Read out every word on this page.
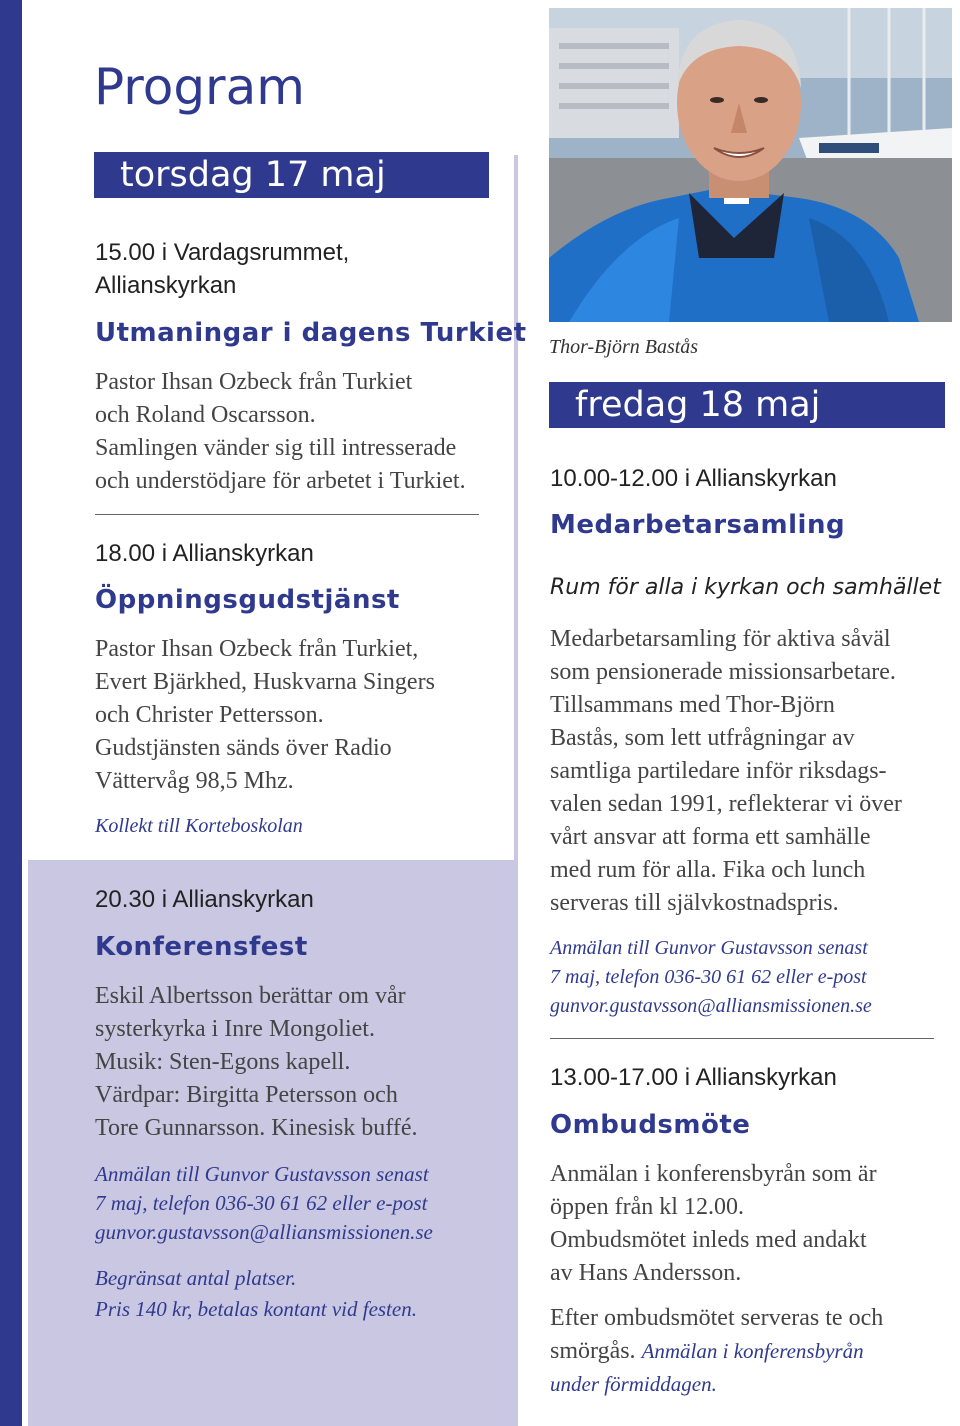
Program
torsdag 17 maj
15.00 i Vardagsrummet,
Allianskyrkan
Utmaningar i dagens Turkiet

Pastor Ihsan Ozbeck från Turkiet

och Roland Oscarsson.

Samlingen vänder sig till intresserade

och understödjare för arbetet i Turkiet.

18.00 i Allianskyrkan
Öppningsgudstjänst

Pastor Ihsan Ozbeck från Turkiet,

Evert Bjärkhed, Huskvarna Singers

och Christer Pettersson.

Gudstjänsten sänds över Radio

Vättervåg 98,5 Mhz.

Kollekt till Korteboskolan
20.30 i Allianskyrkan
Konferensfest

Eskil Albertsson berättar om vår

systerkyrka i Inre Mongoliet.

Musik: Sten-Egons kapell.

Värdpar: Birgitta Petersson och

Tore Gunnarsson. Kinesisk buffé.

Anmälan till Gunvor Gustavsson senast
7 maj, telefon 036-30 61 62 eller e-post
gunvor.gustavsson@alliansmissionen.se
Begränsat antal platser.
Pris 140 kr, betalas kontant vid festen.
Thor-Björn Bastås
fredag 18 maj
10.00-12.00 i Allianskyrkan
Medarbetarsamling
Rum för alla i kyrkan och samhället

Medarbetarsamling för aktiva såväl

som pensionerade missionsarbetare.

Tillsammans med Thor-Björn

Bastås, som lett utfrågningar av

samtliga partiledare inför riksdags-

valen sedan 1991, reflekterar vi över

vårt ansvar att forma ett samhälle

med rum för alla. Fika och lunch

serveras till självkostnadspris.

Anmälan till Gunvor Gustavsson senast
7 maj, telefon 036-30 61 62 eller e-post
gunvor.gustavsson@alliansmissionen.se
13.00-17.00 i Allianskyrkan
Ombudsmöte

Anmälan i konferensbyrån som är

öppen från kl 12.00.

Ombudsmötet inleds med andakt

av Hans Andersson.

Efter ombudsmötet serveras te och

smörgås. Anmälan i konferensbyrån

under förmiddagen.
